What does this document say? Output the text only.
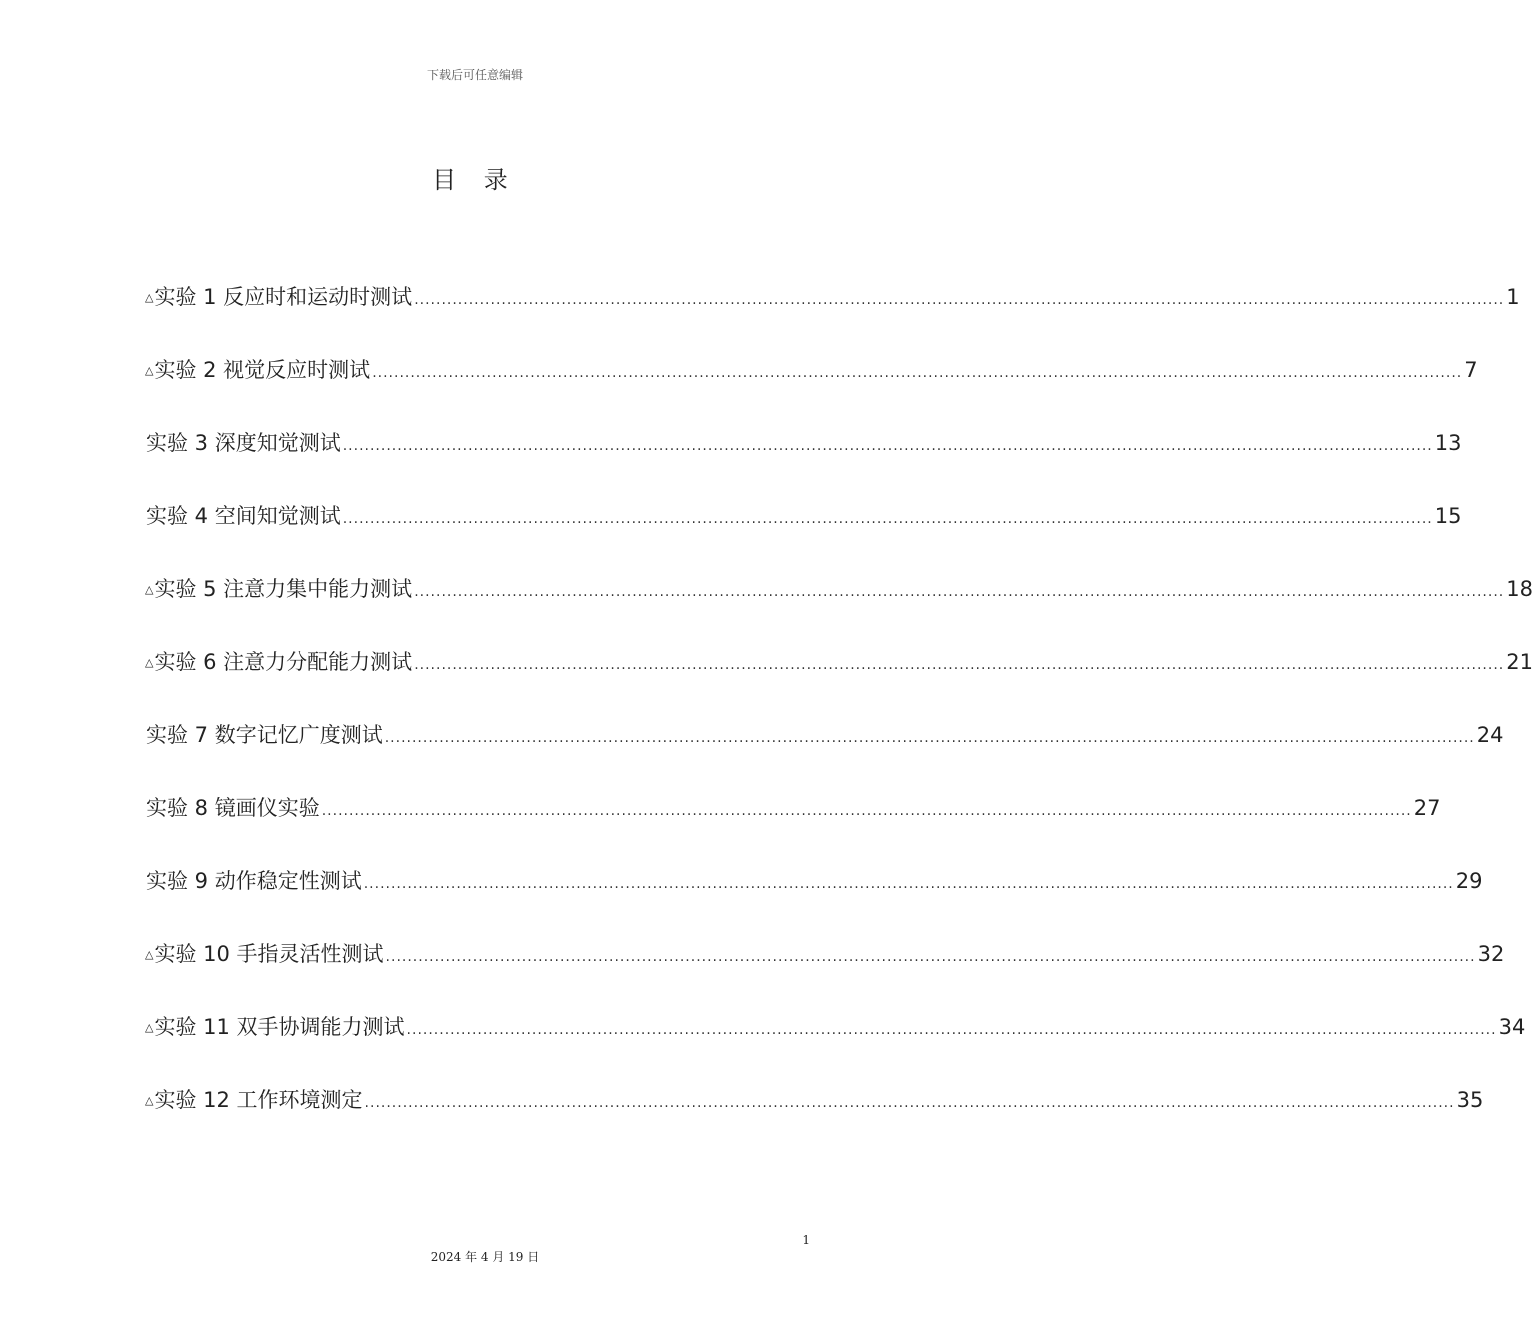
下载后可任意编辑
目 录
△ 实验 1 反应时和运动时测试 ........................................................................................................................................................................................................ 1
△ 实验 2 视觉反应时测试 ........................................................................................................................................................................................................ 7
实验 3 深度知觉测试 ........................................................................................................................................................................................................ 13
实验 4 空间知觉测试 ........................................................................................................................................................................................................ 15
△ 实验 5 注意力集中能力测试 ........................................................................................................................................................................................................ 18
△ 实验 6 注意力分配能力测试 ........................................................................................................................................................................................................ 21
实验 7 数字记忆广度测试 ........................................................................................................................................................................................................ 24
实验 8 镜画仪实验 ........................................................................................................................................................................................................ 27
实验 9 动作稳定性测试 ........................................................................................................................................................................................................ 29
△ 实验 10 手指灵活性测试 ........................................................................................................................................................................................................ 32
△ 实验 11 双手协调能力测试 ........................................................................................................................................................................................................ 34
△ 实验 12 工作环境测定 ........................................................................................................................................................................................................ 35
1
2024 年 4 月 19 日
